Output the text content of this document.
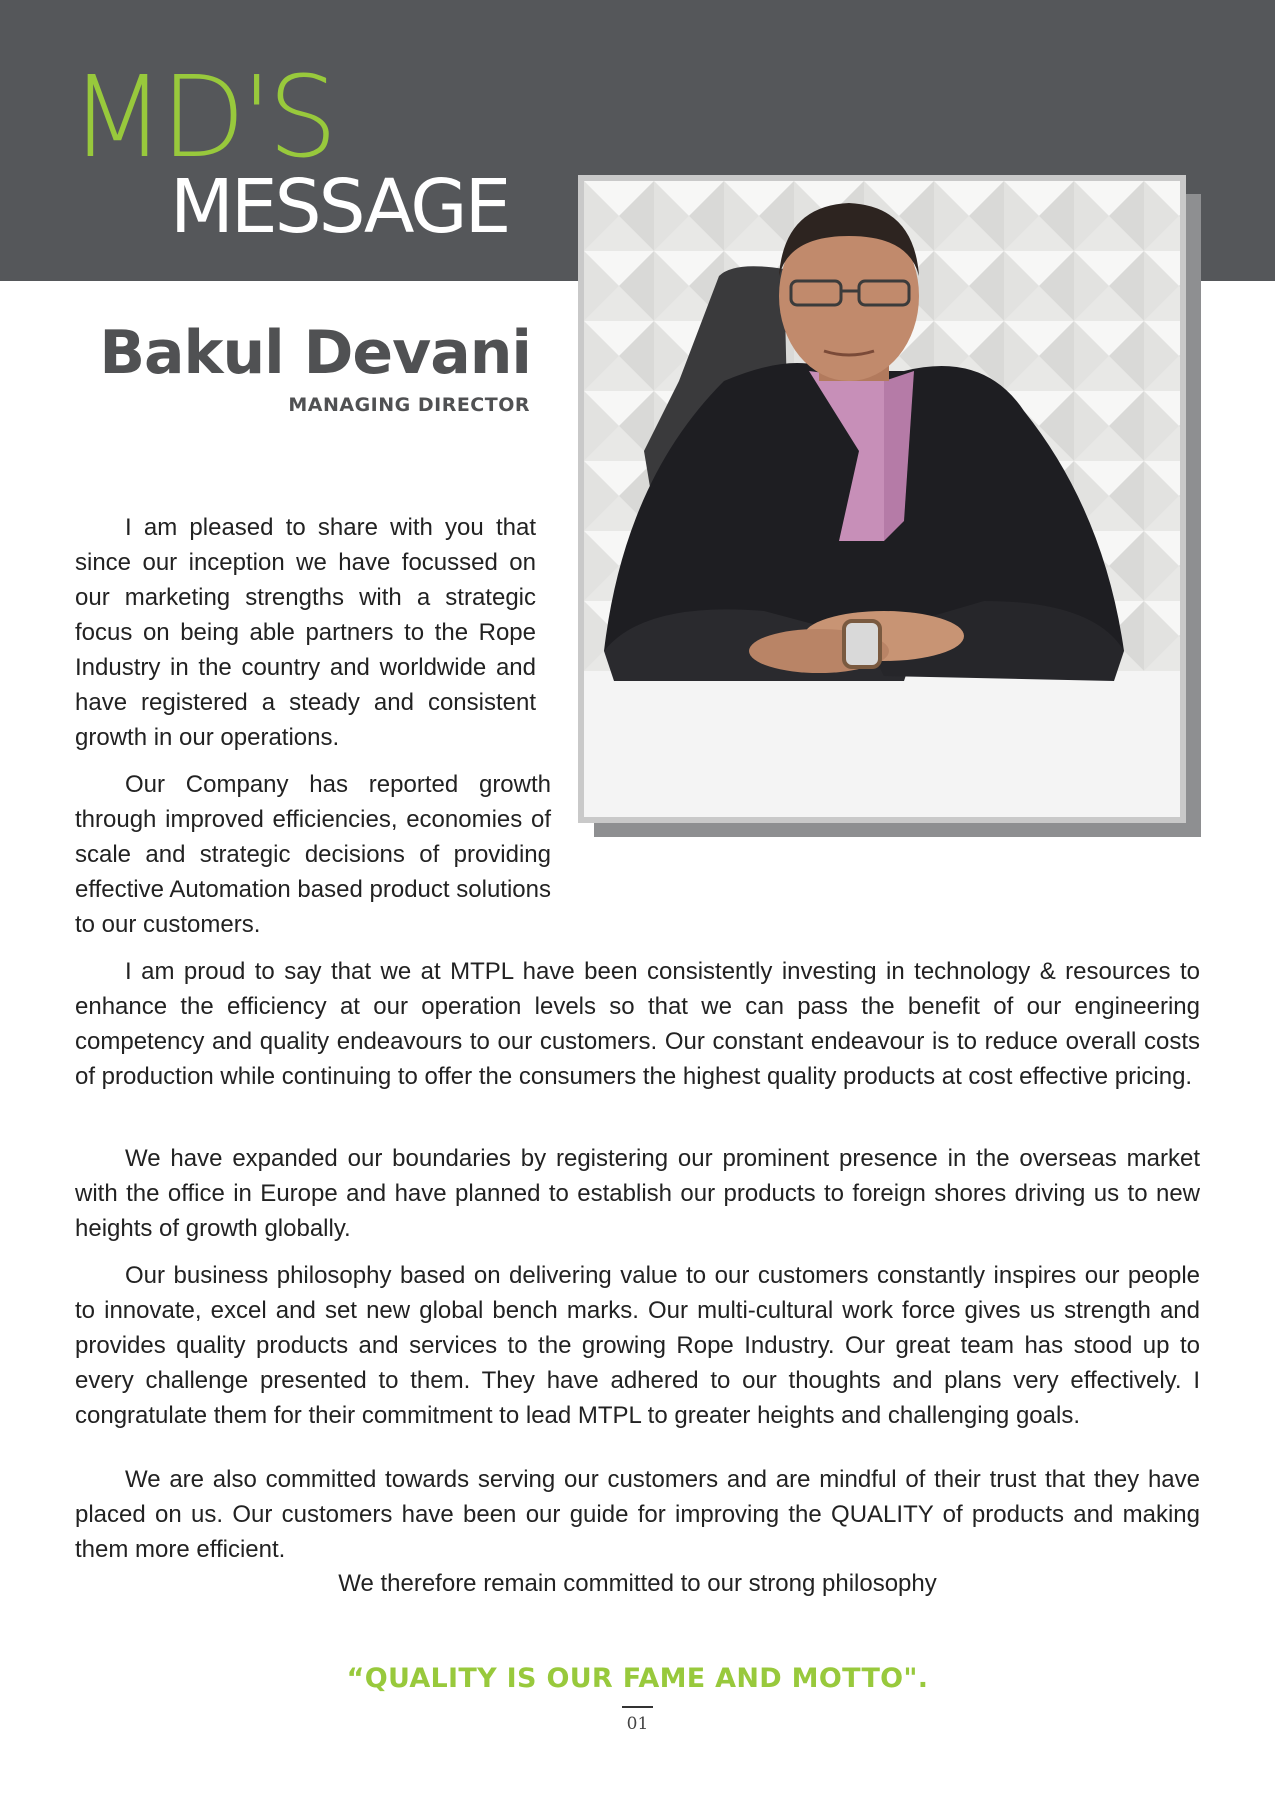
MD'S
MESSAGE
Bakul Devani
MANAGING DIRECTOR

I am pleased to share with you that since our inception we have focussed on our marketing strengths with a strategic focus on being able partners to the Rope Industry in the country and worldwide and have registered a steady and consistent growth in our operations.

Our Company has reported growth through improved efficiencies, economies of scale and strategic decisions of providing effective Automation based product solutions to our customers.

I am proud to say that we at MTPL have been consistently investing in technology & resources to enhance the efficiency at our operation levels so that we can pass the benefit of our engineering competency and quality endeavours to our customers. Our constant endeavour is to reduce overall costs of production while continuing to offer the consumers the highest quality products at cost effective pricing.

We have expanded our boundaries by registering our prominent presence in the overseas market with the office in Europe and have planned to establish our products to foreign shores driving us to new heights of growth globally.

Our business philosophy based on delivering value to our customers constantly inspires our people to innovate, excel and set new global bench marks. Our multi-cultural work force gives us strength and provides quality products and services to the growing Rope Industry. Our great team has stood up to every challenge presented to them. They have adhered to our thoughts and plans very effectively. I congratulate them for their commitment to lead MTPL to greater heights and challenging goals.

We are also committed towards serving our customers and are mindful of their trust that they have placed on us. Our customers have been our guide for improving the QUALITY of products and making them more efficient.

We therefore remain committed to our strong philosophy
“QUALITY IS OUR FAME AND MOTTO".
01
